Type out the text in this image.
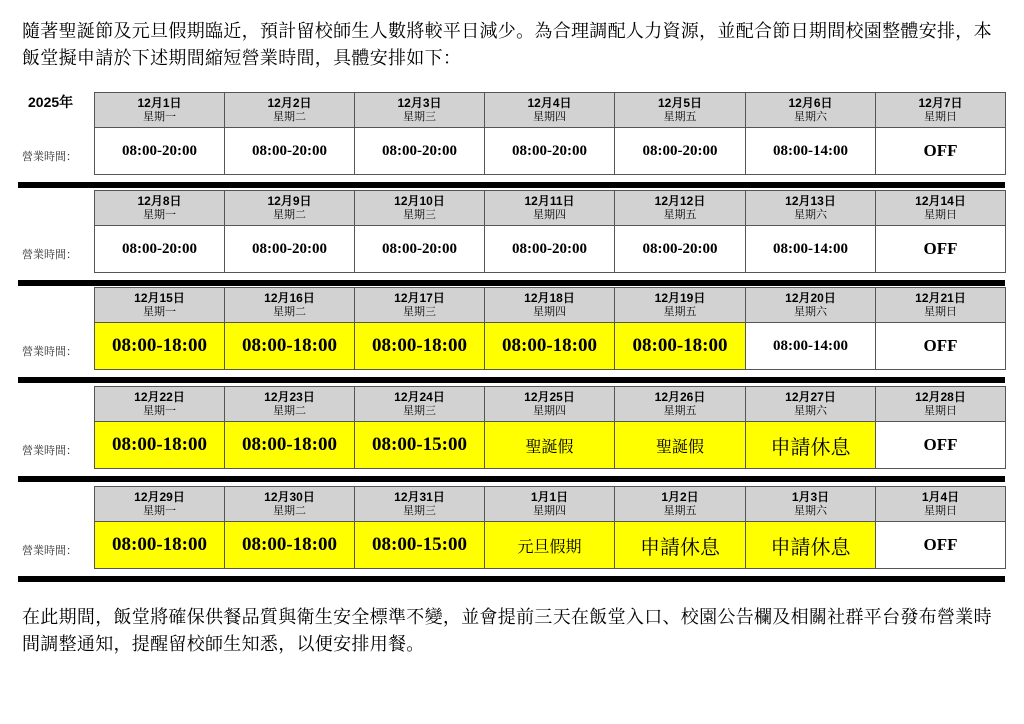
隨著聖誕節及元旦假期臨近，預計留校師生人數將較平日減少。為合理調配人力資源，並配合節日期間校園整體安排，本飯堂擬申請於下述期間縮短營業時間，具體安排如下：

2025年
營業時間：
12月1日
星期一
08:00-20:00
12月2日
星期二
08:00-20:00
12月3日
星期三
08:00-20:00
12月4日
星期四
08:00-20:00
12月5日
星期五
08:00-20:00
12月6日
星期六
08:00-14:00
12月7日
星期日
OFF
營業時間：
12月8日
星期一
08:00-20:00
12月9日
星期二
08:00-20:00
12月10日
星期三
08:00-20:00
12月11日
星期四
08:00-20:00
12月12日
星期五
08:00-20:00
12月13日
星期六
08:00-14:00
12月14日
星期日
OFF
營業時間：
12月15日
星期一
08:00-18:00
12月16日
星期二
08:00-18:00
12月17日
星期三
08:00-18:00
12月18日
星期四
08:00-18:00
12月19日
星期五
08:00-18:00
12月20日
星期六
08:00-14:00
12月21日
星期日
OFF
營業時間：
12月22日
星期一
08:00-18:00
12月23日
星期二
08:00-18:00
12月24日
星期三
08:00-15:00
12月25日
星期四
聖誕假
12月26日
星期五
聖誕假
12月27日
星期六
申請休息
12月28日
星期日
OFF
營業時間：
12月29日
星期一
08:00-18:00
12月30日
星期二
08:00-18:00
12月31日
星期三
08:00-15:00
1月1日
星期四
元旦假期
1月2日
星期五
申請休息
1月3日
星期六
申請休息
1月4日
星期日
OFF

在此期間，飯堂將確保供餐品質與衛生安全標準不變，並會提前三天在飯堂入口、校園公告欄及相關社群平台發布營業時間調整通知，提醒留校師生知悉，以便安排用餐。
